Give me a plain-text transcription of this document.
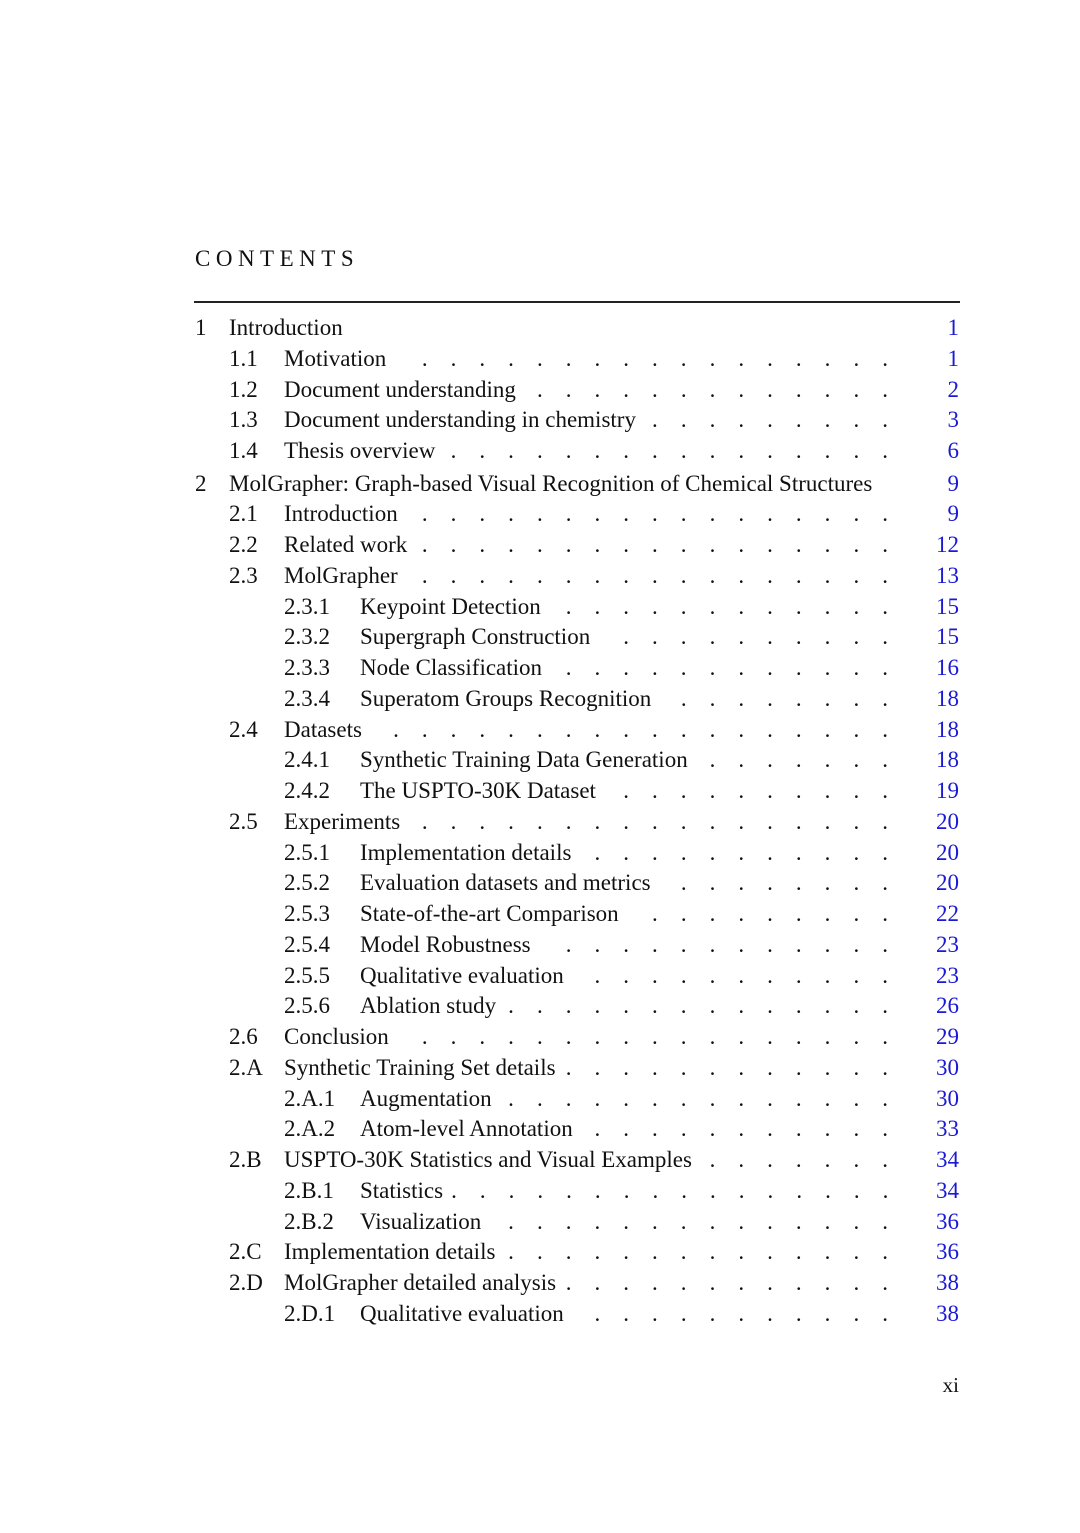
CONTENTS
1 Introduction	1
1.1	Motivation	.     .     .     .     .     .     .     .     .     .     .     .     .     .     .     .     .     	1
1.2	Document understanding .     .     .     .     .     .     .     .     .     .     .     .     .     	2
1.3	Document understanding in chemistry .     .     .     .     .     .     .     .     .     	3
1.4	Thesis overview .     .     .     .     .     .     .     .     .     .     .     .     .     .     .     .     	6
2 MolGrapher: Graph-based Visual Recognition of Chemical Structures	9
2.1	Introduction	.     .     .     .     .     .     .     .     .     .     .     .     .     .     .     .     .     	9
2.2	Related work .     .     .     .     .     .     .     .     .     .     .     .     .     .     .     .     .     	12
2.3	MolGrapher	.     .     .     .     .     .     .     .     .     .     .     .     .     .     .     .     .     	13
2.3.1	Keypoint Detection	.     .     .     .     .     .     .     .     .     .     .     .     	15
2.3.2	Supergraph Construction	.     .     .     .     .     .     .     .     .     .     	15
2.3.3	Node Classification	.     .     .     .     .     .     .     .     .     .     .     .     	16
2.3.4	Superatom Groups Recognition	.     .     .     .     .     .     .     .     	18
2.4	Datasets	.     .     .     .     .     .     .     .     .     .     .     .     .     .     .     .     .     .     	18
2.4.1	Synthetic Training Data Generation .     .     .     .     .     .     .     	18
2.4.2	The USPTO-30K Dataset	.     .     .     .     .     .     .     .     .     .     	19
2.5	Experiments .     .     .     .     .     .     .     .     .     .     .     .     .     .     .     .     .     	20
2.5.1	Implementation details	.     .     .     .     .     .     .     .     .     .     .     	20
2.5.2	Evaluation datasets and metrics	.     .     .     .     .     .     .     .     	20
2.5.3	State-of-the-art Comparison	.     .     .     .     .     .     .     .     .     	22
2.5.4	Model Robustness	.     .     .     .     .     .     .     .     .     .     .     .     	23
2.5.5	Qualitative evaluation	.     .     .     .     .     .     .     .     .     .     .     	23
2.5.6	Ablation study .     .     .     .     .     .     .     .     .     .     .     .     .     .     	26
2.6	Conclusion	.     .     .     .     .     .     .     .     .     .     .     .     .     .     .     .     .     	29
2.A Synthetic Training Set details .     .     .     .     .     .     .     .     .     .     .     .     	30
2.A.1	Augmentation .     .     .     .     .     .     .     .     .     .     .     .     .     .     	30
2.A.2	Atom-level Annotation .     .     .     .     .     .     .     .     .     .     .     	33
2.B USPTO-30K Statistics and Visual Examples .     .     .     .     .     .     .     	34
2.B.1	Statistics .     .     .     .     .     .     .     .     .     .     .     .     .     .     .     .     	34
2.B.2	Visualization	.     .     .     .     .     .     .     .     .     .     .     .     .     .     	36
2.C Implementation details .     .     .     .     .     .     .     .     .     .     .     .     .     .     	36
2.D MolGrapher detailed analysis .     .     .     .     .     .     .     .     .     .     .     .     	38
2.D.1	Qualitative evaluation	.     .     .     .     .     .     .     .     .     .     .     	38
xi
